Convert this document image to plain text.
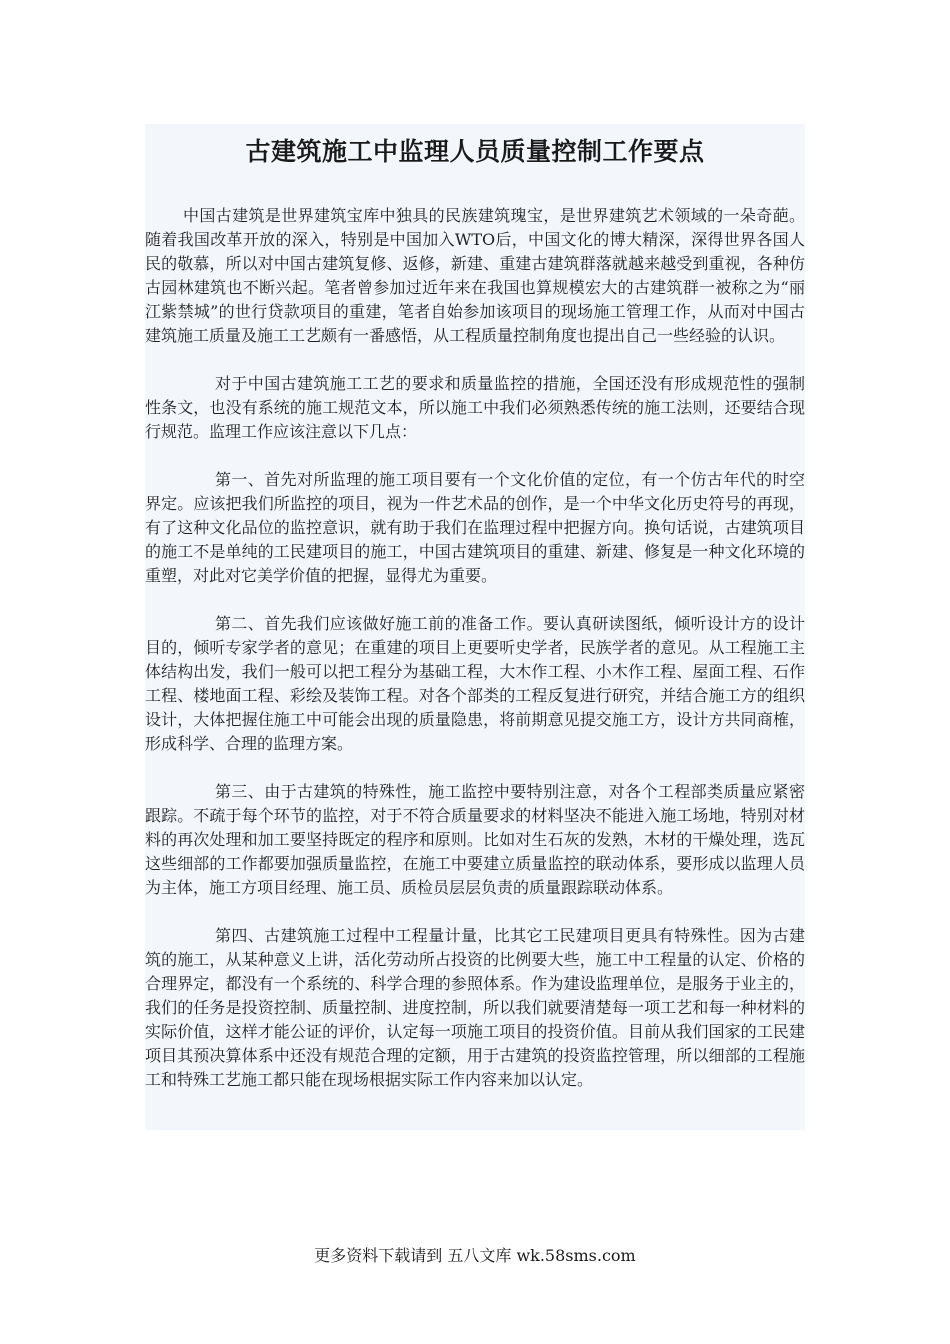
古建筑施工中监理人员质量控制工作要点

中国古建筑是世界建筑宝库中独具的民族建筑瑰宝，是世界建筑艺术领域的一朵奇葩。随着我国改革开放的深入，特别是中国加入WTO后，中国文化的博大精深，深得世界各国人民的敬慕，所以对中国古建筑复修、返修，新建、重建古建筑群落就越来越受到重视，各种仿古园林建筑也不断兴起。笔者曾参加过近年来在我国也算规模宏大的古建筑群一被称之为“丽江紫禁城”的世行贷款项目的重建，笔者自始参加该项目的现场施工管理工作，从而对中国古建筑施工质量及施工工艺颇有一番感悟，从工程质量控制角度也提出自己一些经验的认识。

对于中国古建筑施工工艺的要求和质量监控的措施，全国还没有形成规范性的强制性条文，也没有系统的施工规范文本，所以施工中我们必须熟悉传统的施工法则，还要结合现行规范。监理工作应该注意以下几点：

第一、首先对所监理的施工项目要有一个文化价值的定位，有一个仿古年代的时空界定。应该把我们所监控的项目，视为一件艺术品的创作，是一个中华文化历史符号的再现，有了这种文化品位的监控意识，就有助于我们在监理过程中把握方向。换句话说，古建筑项目的施工不是单纯的工民建项目的施工，中国古建筑项目的重建、新建、修复是一种文化环境的重塑，对此对它美学价值的把握，显得尤为重要。

第二、首先我们应该做好施工前的准备工作。要认真研读图纸，倾听设计方的设计目的，倾听专家学者的意见；在重建的项目上更要听史学者，民族学者的意见。从工程施工主体结构出发，我们一般可以把工程分为基础工程，大木作工程、小木作工程、屋面工程、石作工程、楼地面工程、彩绘及装饰工程。对各个部类的工程反复进行研究，并结合施工方的组织设计，大体把握住施工中可能会出现的质量隐患，将前期意见提交施工方，设计方共同商榷，形成科学、合理的监理方案。

第三、由于古建筑的特殊性，施工监控中要特别注意，对各个工程部类质量应紧密跟踪。不疏于每个环节的监控，对于不符合质量要求的材料坚决不能进入施工场地，特别对材料的再次处理和加工要坚持既定的程序和原则。比如对生石灰的发熟，木材的干燥处理，选瓦这些细部的工作都要加强质量监控，在施工中要建立质量监控的联动体系，要形成以监理人员为主体，施工方项目经理、施工员、质检员层层负责的质量跟踪联动体系。

第四、古建筑施工过程中工程量计量，比其它工民建项目更具有特殊性。因为古建筑的施工，从某种意义上讲，活化劳动所占投资的比例要大些，施工中工程量的认定、价格的合理界定，都没有一个系统的、科学合理的参照体系。作为建设监理单位，是服务于业主的，我们的任务是投资控制、质量控制、进度控制，所以我们就要清楚每一项工艺和每一种材料的实际价值，这样才能公证的评价，认定每一项施工项目的投资价值。目前从我们国家的工民建项目其预决算体系中还没有规范合理的定额，用于古建筑的投资监控管理，所以细部的工程施工和特殊工艺施工都只能在现场根据实际工作内容来加以认定。

更多资料下载请到 五八文库 wk.58sms.com
